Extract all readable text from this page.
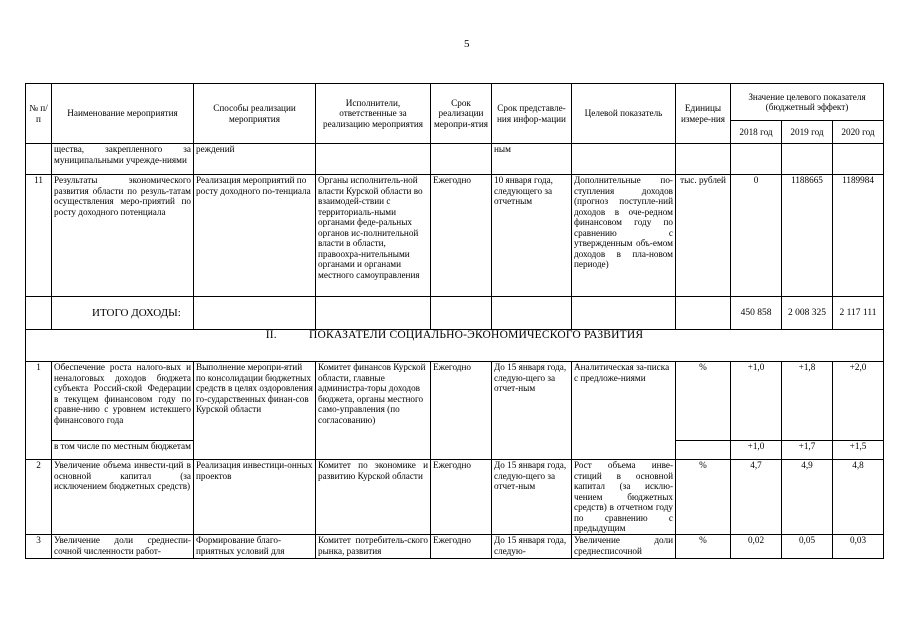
5
№ п/п	Наименование мероприятия	Способы реализации мероприятия	Исполнители, ответственные за реализацию мероприятия	Срок реализации меропри-ятия	Срок представле-ния инфор-мации	Целевой показатель	Единицы измере-ния	Значение целевого показателя (бюджетный эффект)		
								2018 год	2019 год	2020 год
	щества, закрепленного за муниципальными учрежде-ниями	реждений			ным					
11	Результаты экономического развития области по резуль-татам осуществления меро-приятий по росту доходного потенциала	Реализация мероприятий по росту доходного по-тенциала	Органы исполнитель-ной власти Курской области во взаимодей-ствии с территориаль-ными органами феде-ральных органов ис-полнительной власти в области, правоохра-нительными органами и органами местного самоуправления	Ежегодно	10 января года, следующего за отчетным	Дополнительные по-ступления доходов (прогноз поступле-ний доходов в оче-редном финансовом году по сравнению с утвержденным объ-емом доходов в пла-новом периоде)	тыс. рублей	0	1188665	1189984
	ИТОГО ДОХОДЫ:							450 858	2 008 325	2 117 111
II. ПОКАЗАТЕЛИ СОЦИАЛЬНО-ЭКОНОМИЧЕСКОГО РАЗВИТИЯ										
1	Обеспечение роста налого-вых и неналоговых доходов бюджета субъекта Россий-ской Федерации в текущем финансовом году по сравне-нию с уровнем истекшего финансового года	Выполнение меропри-ятий по консолидации бюджетных средств в целях оздоровления го-сударственных финан-сов Курской области	Комитет финансов Курской области, главные администра-торы доходов бюджета, органы местного само-управления (по согласованию)	Ежегодно	До 15 января года, следую-щего за отчет-ным	Аналитическая за-писка с предложе-ниями	%	+1,0	+1,8	+2,0
	в том числе по местным бюджетам							+1,0	+1,7	+1,5
2	Увеличение объема инвести-ций в основной капитал (за исключением бюджетных средств)	Реализация инвестици-онных проектов	Комитет по экономике и развитию Курской области	Ежегодно	До 15 января года, следую-щего за отчет-ным	Рост объема инве-стиций в основной капитал (за исклю-чением бюджетных средств) в отчетном году по сравнению с предыдущим	%	4,7	4,9	4,8
3	Увеличение доли среднеспи-сочной численности работ-	Формирование благо-приятных условий для	Комитет потребитель-ского рынка, развития	Ежегодно	До 15 января года, следую-	Увеличение доли среднесписочной	%	0,02	0,05	0,03
